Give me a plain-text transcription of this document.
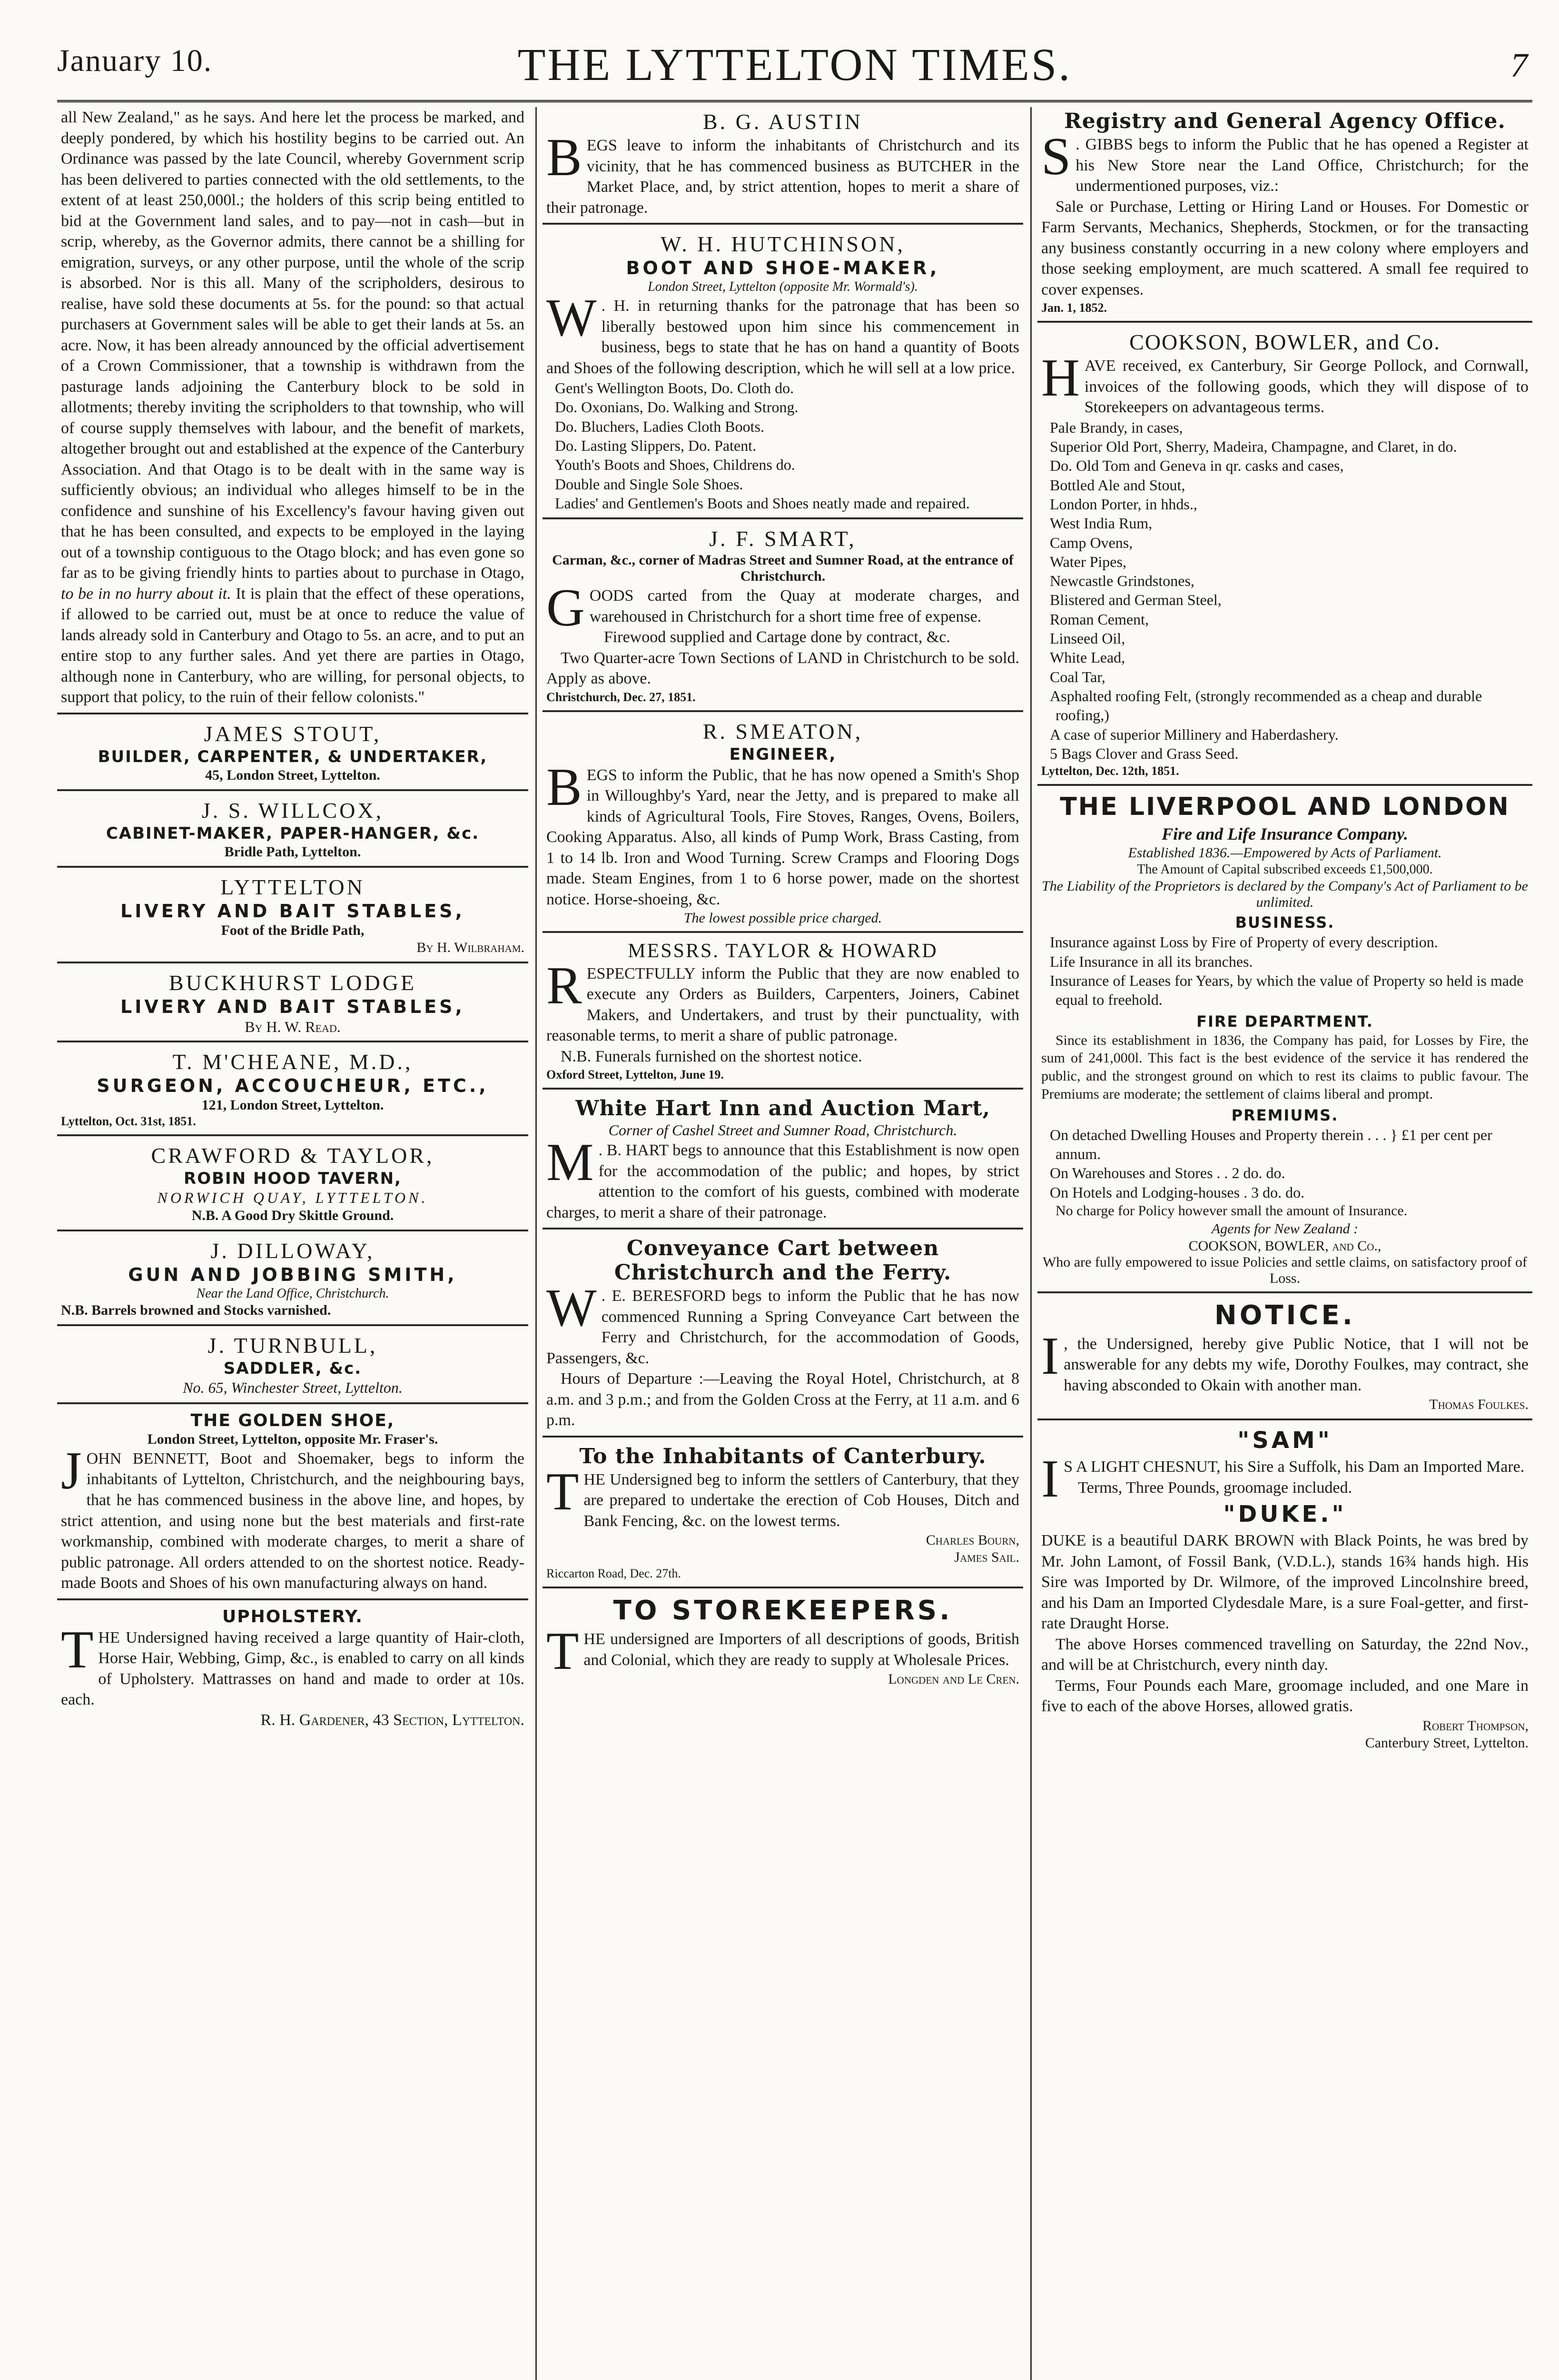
January 10.	THE LYTTELTON TIMES.	7

all New Zealand," as he says. And here let the process be marked, and deeply pondered, by which his hostility begins to be carried out. An Ordinance was passed by the late Council, whereby Government scrip has been delivered to parties connected with the old settlements, to the extent of at least 250,000l.; the holders of this scrip being entitled to bid at the Government land sales, and to pay—not in cash—but in scrip, whereby, as the Governor admits, there cannot be a shilling for emigration, surveys, or any other purpose, until the whole of the scrip is absorbed. Nor is this all. Many of the scripholders, desirous to realise, have sold these documents at 5s. for the pound: so that actual purchasers at Government sales will be able to get their lands at 5s. an acre. Now, it has been already announced by the official advertisement of a Crown Commissioner, that a township is withdrawn from the pasturage lands adjoining the Canterbury block to be sold in allotments; thereby inviting the scripholders to that township, who will of course supply themselves with labour, and the benefit of markets, altogether brought out and established at the expence of the Canterbury Association. And that Otago is to be dealt with in the same way is sufficiently obvious; an individual who alleges himself to be in the confidence and sunshine of his Excellency's favour having given out that he has been consulted, and expects to be employed in the laying out of a township contiguous to the Otago block; and has even gone so far as to be giving friendly hints to parties about to purchase in Otago, to be in no hurry about it. It is plain that the effect of these operations, if allowed to be carried out, must be at once to reduce the value of lands already sold in Canterbury and Otago to 5s. an acre, and to put an entire stop to any further sales. And yet there are parties in Otago, although none in Canterbury, who are willing, for personal objects, to support that policy, to the ruin of their fellow colonists."

JAMES STOUT,
BUILDER, CARPENTER, & UNDERTAKER,
45, London Street, Lyttelton.
J. S. WILLCOX,
CABINET-MAKER, PAPER-HANGER, &c.
Bridle Path, Lyttelton.
LYTTELTON
LIVERY AND BAIT STABLES,
Foot of the Bridle Path,
By H. Wilbraham.
BUCKHURST LODGE
LIVERY AND BAIT STABLES,
By H. W. Read.
T. M'CHEANE, M.D.,
SURGEON, ACCOUCHEUR, ETC.,
121, London Street, Lyttelton.
Lyttelton, Oct. 31st, 1851.
CRAWFORD & TAYLOR,
ROBIN HOOD TAVERN,
NORWICH QUAY, LYTTELTON.
N.B. A Good Dry Skittle Ground.
J. DILLOWAY,
GUN AND JOBBING SMITH,
Near the Land Office, Christchurch.
N.B. Barrels browned and Stocks varnished.
J. TURNBULL,
SADDLER, &c.
No. 65, Winchester Street, Lyttelton.
THE GOLDEN SHOE,
London Street, Lyttelton, opposite Mr. Fraser's.

JOHN BENNETT, Boot and Shoemaker, begs to inform the inhabitants of Lyttelton, Christchurch, and the neighbouring bays, that he has commenced business in the above line, and hopes, by strict attention, and using none but the best materials and first-rate workmanship, combined with moderate charges, to merit a share of public patronage. All orders attended to on the shortest notice. Ready-made Boots and Shoes of his own manufacturing always on hand.

UPHOLSTERY.

THE Undersigned having received a large quantity of Hair-cloth, Horse Hair, Webbing, Gimp, &c., is enabled to carry on all kinds of Upholstery. Mattrasses on hand and made to order at 10s. each.

R. H. Gardener, 43 Section, Lyttelton.
B. G. AUSTIN

BEGS leave to inform the inhabitants of Christchurch and its vicinity, that he has commenced business as BUTCHER in the Market Place, and, by strict attention, hopes to merit a share of their patronage.

W. H. HUTCHINSON,
BOOT AND SHOE-MAKER,
London Street, Lyttelton (opposite Mr. Wormald's).

W . H. in returning thanks for the patronage that has been so liberally bestowed upon him since his commencement in business, begs to state that he has on hand a quantity of Boots and Shoes of the following description, which he will sell at a low price.

Gent's Wellington Boots, Do. Cloth do.
Do. Oxonians, Do. Walking and Strong.
Do. Bluchers, Ladies Cloth Boots.
Do. Lasting Slippers, Do. Patent.
Youth's Boots and Shoes, Childrens do.
Double and Single Sole Shoes.
Ladies' and Gentlemen's Boots and Shoes neatly made and repaired.
J. F. SMART,
Carman, &c., corner of Madras Street and Sumner Road, at the entrance of Christchurch.

GOODS carted from the Quay at moderate charges, and warehoused in Christchurch for a short time free of expense.

Firewood supplied and Cartage done by contract, &c.

Two Quarter-acre Town Sections of LAND in Christchurch to be sold. Apply as above.

Christchurch, Dec. 27, 1851.
R. SMEATON,
ENGINEER,

BEGS to inform the Public, that he has now opened a Smith's Shop in Willoughby's Yard, near the Jetty, and is prepared to make all kinds of Agricultural Tools, Fire Stoves, Ranges, Ovens, Boilers, Cooking Apparatus. Also, all kinds of Pump Work, Brass Casting, from 1 to 14 lb. Iron and Wood Turning. Screw Cramps and Flooring Dogs made. Steam Engines, from 1 to 6 horse power, made on the shortest notice. Horse-shoeing, &c.

The lowest possible price charged.
MESSRS. TAYLOR & HOWARD

RESPECTFULLY inform the Public that they are now enabled to execute any Orders as Builders, Carpenters, Joiners, Cabinet Makers, and Undertakers, and trust by their punctuality, with reasonable terms, to merit a share of public patronage.

N.B. Funerals furnished on the shortest notice.

Oxford Street, Lyttelton, June 19.
White Hart Inn and Auction Mart,
Corner of Cashel Street and Sumner Road, Christchurch.

M . B. HART begs to announce that this Establishment is now open for the accommodation of the public; and hopes, by strict attention to the comfort of his guests, combined with moderate charges, to merit a share of their patronage.

Conveyance Cart between Christchurch and the Ferry.

W . E. BERESFORD begs to inform the Public that he has now commenced Running a Spring Conveyance Cart between the Ferry and Christchurch, for the accommodation of Goods, Passengers, &c.

Hours of Departure :—Leaving the Royal Hotel, Christchurch, at 8 a.m. and 3 p.m.; and from the Golden Cross at the Ferry, at 11 a.m. and 6 p.m.

To the Inhabitants of Canterbury.

THE Undersigned beg to inform the settlers of Canterbury, that they are prepared to undertake the erection of Cob Houses, Ditch and Bank Fencing, &c. on the lowest terms.

Charles Bourn,
James Sail.
Riccarton Road, Dec. 27th.
TO STOREKEEPERS.

THE undersigned are Importers of all descriptions of goods, British and Colonial, which they are ready to supply at Wholesale Prices.

Longden and Le Cren.
Registry and General Agency Office.

S . GIBBS begs to inform the Public that he has opened a Register at his New Store near the Land Office, Christchurch; for the undermentioned purposes, viz.:

Sale or Purchase, Letting or Hiring Land or Houses. For Domestic or Farm Servants, Mechanics, Shepherds, Stockmen, or for the transacting any business constantly occurring in a new colony where employers and those seeking employment, are much scattered. A small fee required to cover expenses.

Jan. 1, 1852.
COOKSON, BOWLER, and Co.

HAVE received, ex Canterbury, Sir George Pollock, and Cornwall, invoices of the following goods, which they will dispose of to Storekeepers on advantageous terms.

Pale Brandy, in cases,
Superior Old Port, Sherry, Madeira, Champagne, and Claret, in do.
Do. Old Tom and Geneva in qr. casks and cases,
Bottled Ale and Stout,
London Porter, in hhds.,
West India Rum,
Camp Ovens,
Water Pipes,
Newcastle Grindstones,
Blistered and German Steel,
Roman Cement,
Linseed Oil,
White Lead,
Coal Tar,
Asphalted roofing Felt, (strongly recommended as a cheap and durable roofing,)
A case of superior Millinery and Haberdashery.
5 Bags Clover and Grass Seed.
Lyttelton, Dec. 12th, 1851.
THE LIVERPOOL AND LONDON
Fire and Life Insurance Company.
Established 1836.—Empowered by Acts of Parliament.
The Amount of Capital subscribed exceeds £1,500,000.
The Liability of the Proprietors is declared by the Company's Act of Parliament to be unlimited.
BUSINESS.
Insurance against Loss by Fire of Property of every description.
Life Insurance in all its branches.
Insurance of Leases for Years, by which the value of Property so held is made equal to freehold.
FIRE DEPARTMENT.

Since its establishment in 1836, the Company has paid, for Losses by Fire, the sum of 241,000l. This fact is the best evidence of the service it has rendered the public, and the strongest ground on which to rest its claims to public favour. The Premiums are moderate; the settlement of claims liberal and prompt.

PREMIUMS.
On detached Dwelling Houses and Property therein . . . } £1 per cent per annum.
On Warehouses and Stores . . 2 do. do.
On Hotels and Lodging-houses . 3 do. do.

No charge for Policy however small the amount of Insurance.

Agents for New Zealand :
COOKSON, BOWLER, and Co.,
Who are fully empowered to issue Policies and settle claims, on satisfactory proof of Loss.
NOTICE.

I , the Undersigned, hereby give Public Notice, that I will not be answerable for any debts my wife, Dorothy Foulkes, may contract, she having absconded to Okain with another man.

Thomas Foulkes.
"SAM"

I S A LIGHT CHESNUT, his Sire a Suffolk, his Dam an Imported Mare.

Terms, Three Pounds, groomage included.

"DUKE."

DUKE is a beautiful DARK BROWN with Black Points, he was bred by Mr. John Lamont, of Fossil Bank, (V.D.L.), stands 16¾ hands high. His Sire was Imported by Dr. Wilmore, of the improved Lincolnshire breed, and his Dam an Imported Clydesdale Mare, is a sure Foal-getter, and first-rate Draught Horse.

The above Horses commenced travelling on Saturday, the 22nd Nov., and will be at Christchurch, every ninth day.

Terms, Four Pounds each Mare, groomage included, and one Mare in five to each of the above Horses, allowed gratis.

Robert Thompson,
Canterbury Street, Lyttelton.
